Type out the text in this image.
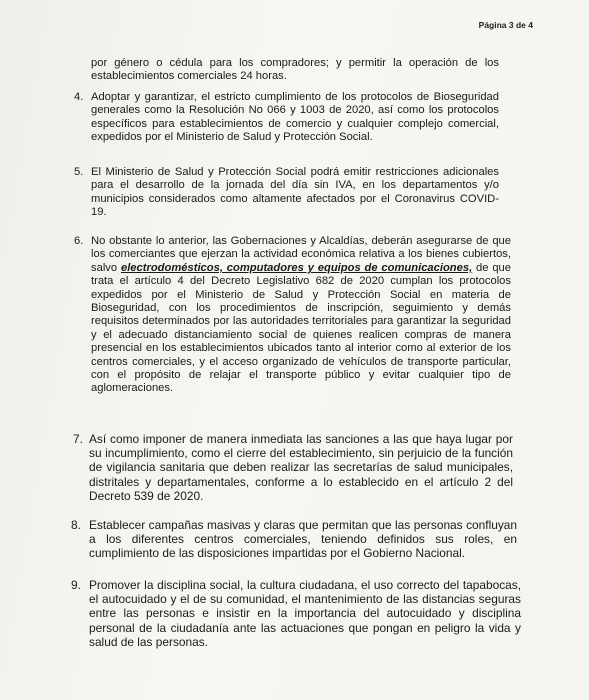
Página 3 de 4
por género o cédula para los compradores; y permitir la operación de los establecimientos comerciales 24 horas.
4. Adoptar y garantizar, el estricto cumplimiento de los protocolos de Bioseguridad generales como la Resolución No 066 y 1003 de 2020, así como los protocolos específicos para establecimientos de comercio y cualquier complejo comercial, expedidos por el Ministerio de Salud y Protección Social.
5. El Ministerio de Salud y Protección Social podrá emitir restricciones adicionales para el desarrollo de la jornada del día sin IVA, en los departamentos y/o municipios considerados como altamente afectados por el Coronavirus COVID-19.
6. No obstante lo anterior, las Gobernaciones y Alcaldías, deberán asegurarse de que los comerciantes que ejerzan la actividad económica relativa a los bienes cubiertos, salvo electrodomésticos, computadores y equipos de comunicaciones, de que trata el artículo 4 del Decreto Legislativo 682 de 2020 cumplan los protocolos expedidos por el Ministerio de Salud y Protección Social en materia de Bioseguridad, con los procedimientos de inscripción, seguimiento y demás requisitos determinados por las autoridades territoriales para garantizar la seguridad y el adecuado distanciamiento social de quienes realicen compras de manera presencial en los establecimientos ubicados tanto al interior como al exterior de los centros comerciales, y el acceso organizado de vehículos de transporte particular, con el propósito de relajar el transporte público y evitar cualquier tipo de aglomeraciones.
7. Así como imponer de manera inmediata las sanciones a las que haya lugar por su incumplimiento, como el cierre del establecimiento, sin perjuicio de la función de vigilancia sanitaria que deben realizar las secretarías de salud municipales, distritales y departamentales, conforme a lo establecido en el artículo 2 del Decreto 539 de 2020.
8. Establecer campañas masivas y claras que permitan que las personas confluyan a los diferentes centros comerciales, teniendo definidos sus roles, en cumplimiento de las disposiciones impartidas por el Gobierno Nacional.
9. Promover la disciplina social, la cultura ciudadana, el uso correcto del tapabocas, el autocuidado y el de su comunidad, el mantenimiento de las distancias seguras entre las personas e insistir en la importancia del autocuidado y disciplina personal de la ciudadanía ante las actuaciones que pongan en peligro la vida y salud de las personas.
